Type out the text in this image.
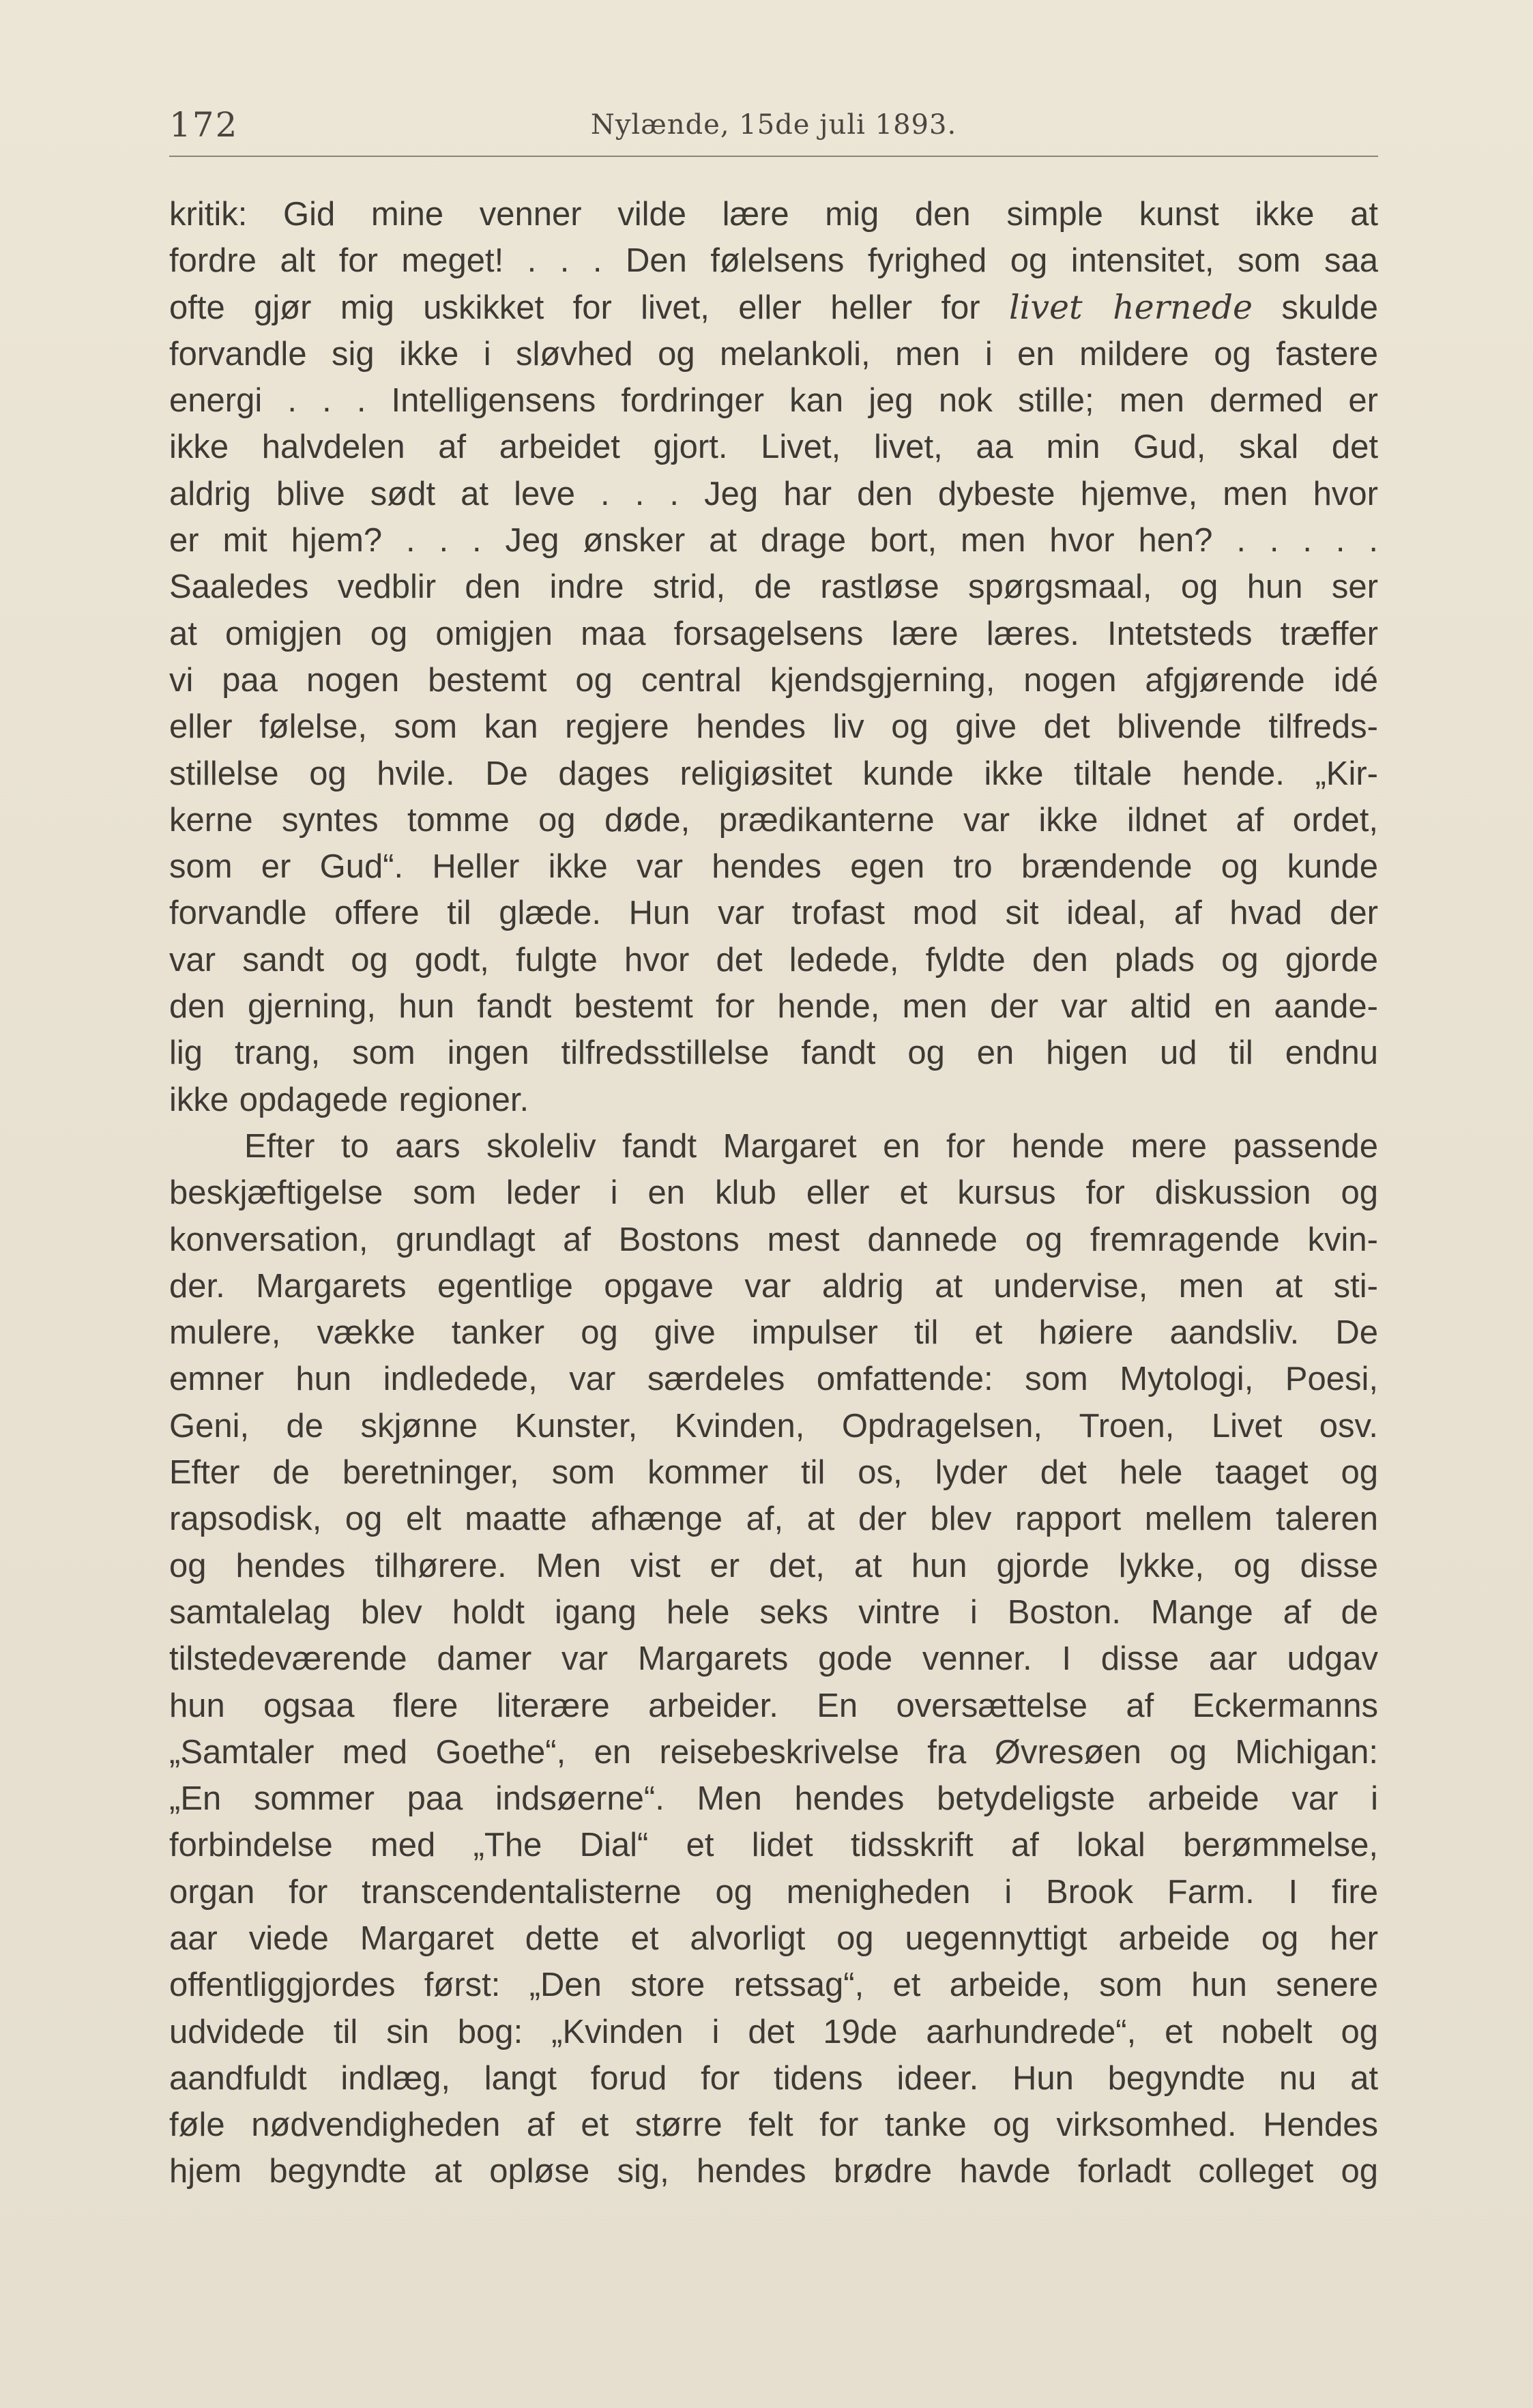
172	Nylænde, 15de juli 1893.
kritik: Gid mine venner vilde lære mig den simple kunst ikke at
fordre alt for meget! . . . Den følelsens fyrighed og intensitet, som saa
ofte gjør mig uskikket for livet, eller heller for livet hernede skulde
forvandle sig ikke i sløvhed og melankoli, men i en mildere og fastere
energi . . . Intelligensens fordringer kan jeg nok stille; men dermed er
ikke halvdelen af arbeidet gjort. Livet, livet, aa min Gud, skal det
aldrig blive sødt at leve . . . Jeg har den dybeste hjemve, men hvor
er mit hjem? . . . Jeg ønsker at drage bort, men hvor hen? . . . . .
Saaledes vedblir den indre strid, de rastløse spørgsmaal, og hun ser
at omigjen og omigjen maa forsagelsens lære læres. Intetsteds træffer
vi paa nogen bestemt og central kjendsgjerning, nogen afgjørende idé
eller følelse, som kan regjere hendes liv og give det blivende tilfreds-
stillelse og hvile. De dages religiøsitet kunde ikke tiltale hende. „Kir-
kerne syntes tomme og døde, prædikanterne var ikke ildnet af ordet,
som er Gud“. Heller ikke var hendes egen tro brændende og kunde
forvandle offere til glæde. Hun var trofast mod sit ideal, af hvad der
var sandt og godt, fulgte hvor det ledede, fyldte den plads og gjorde
den gjerning, hun fandt bestemt for hende, men der var altid en aande-
lig trang, som ingen tilfredsstillelse fandt og en higen ud til endnu
ikke opdagede regioner.
Efter to aars skoleliv fandt Margaret en for hende mere passende
beskjæftigelse som leder i en klub eller et kursus for diskussion og
konversation, grundlagt af Bostons mest dannede og fremragende kvin-
der. Margarets egentlige opgave var aldrig at undervise, men at sti-
mulere, vække tanker og give impulser til et høiere aandsliv. De
emner hun indledede, var særdeles omfattende: som Mytologi, Poesi,
Geni, de skjønne Kunster, Kvinden, Opdragelsen, Troen, Livet osv.
Efter de beretninger, som kommer til os, lyder det hele taaget og
rapsodisk, og elt maatte afhænge af, at der blev rapport mellem taleren
og hendes tilhørere. Men vist er det, at hun gjorde lykke, og disse
samtalelag blev holdt igang hele seks vintre i Boston. Mange af de
tilstedeværende damer var Margarets gode venner. I disse aar udgav
hun ogsaa flere literære arbeider. En oversættelse af Eckermanns
„Samtaler med Goethe“, en reisebeskrivelse fra Øvresøen og Michigan:
„En sommer paa indsøerne“. Men hendes betydeligste arbeide var i
forbindelse med „The Dial“ et lidet tidsskrift af lokal berømmelse,
organ for transcendentalisterne og menigheden i Brook Farm. I fire
aar viede Margaret dette et alvorligt og uegennyttigt arbeide og her
offentliggjordes først: „Den store retssag“, et arbeide, som hun senere
udvidede til sin bog: „Kvinden i det 19de aarhundrede“, et nobelt og
aandfuldt indlæg, langt forud for tidens ideer. Hun begyndte nu at
føle nødvendigheden af et større felt for tanke og virksomhed. Hendes
hjem begyndte at opløse sig, hendes brødre havde forladt colleget og
